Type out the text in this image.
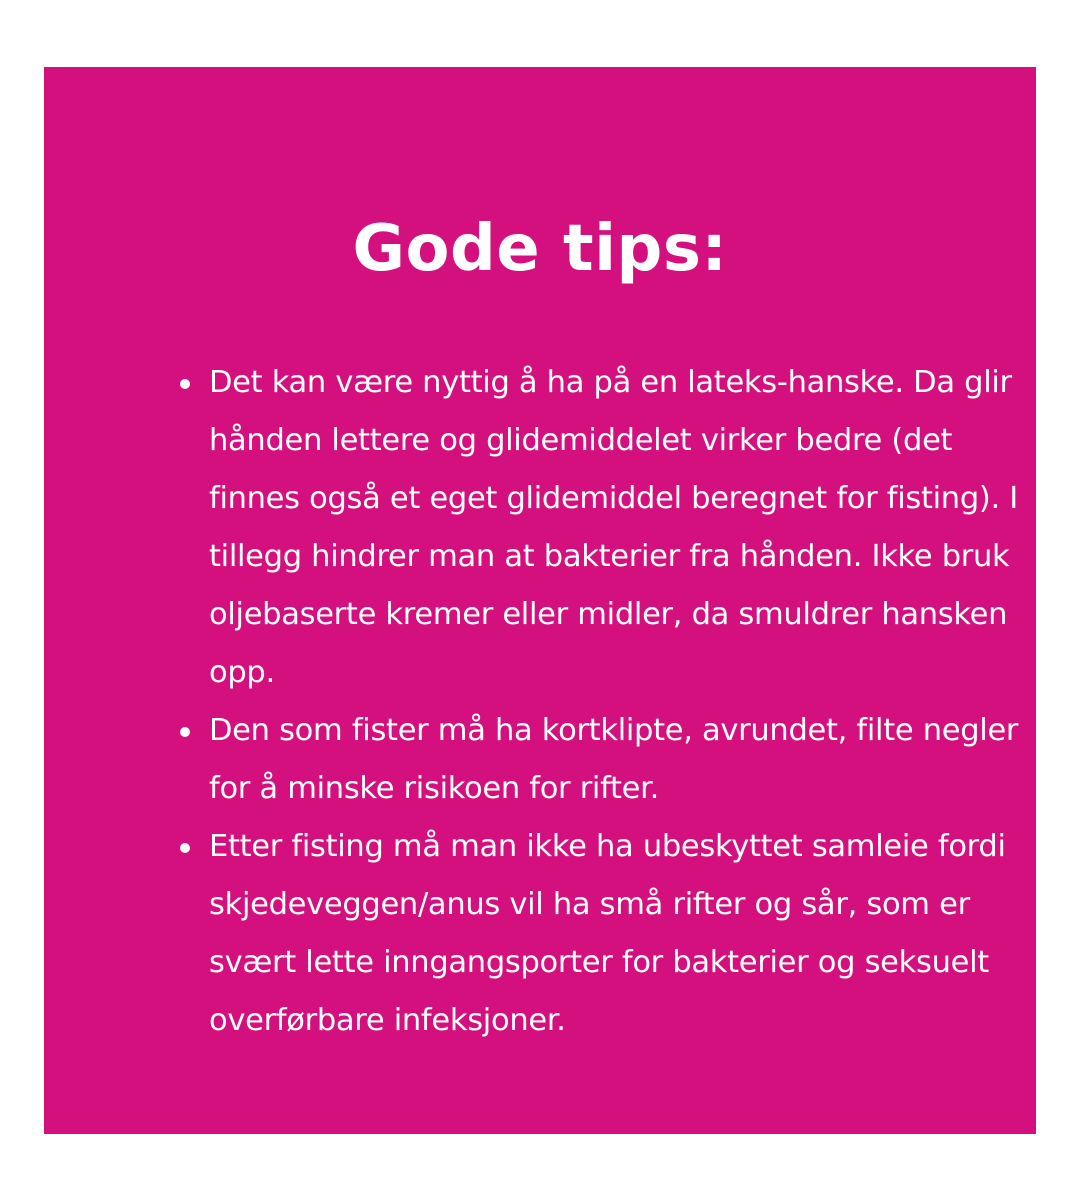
Gode tips:
Det kan være nyttig å ha på en lateks-hanske. Da glir hånden lettere og glidemiddelet virker bedre (det finnes også et eget glidemiddel beregnet for fisting). I tillegg hindrer man at bakterier fra hånden. Ikke bruk oljebaserte kremer eller midler, da smuldrer hansken opp.
Den som fister må ha kortklipte, avrundet, filte negler for å minske risikoen for rifter.
Etter fisting må man ikke ha ubeskyttet samleie fordi skjedeveggen/anus vil ha små rifter og sår, som er svært lette inngangsporter for bakterier og seksuelt overførbare infeksjoner.
